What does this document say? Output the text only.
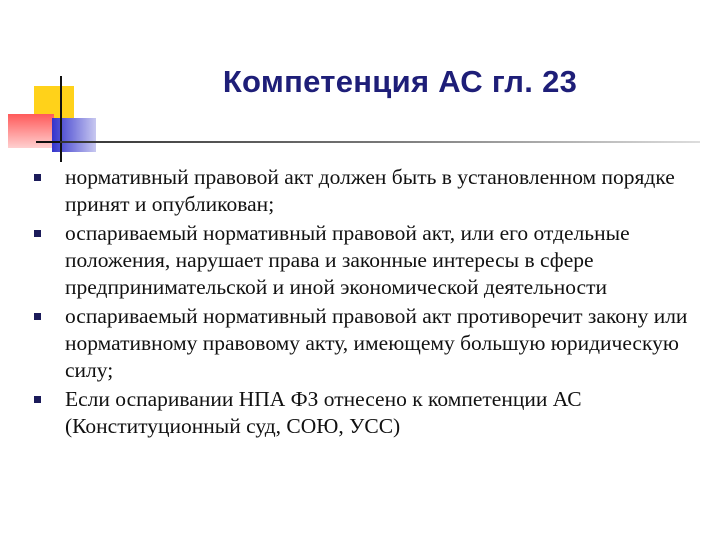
Компетенция АС гл. 23
нормативный правовой акт должен быть в установленном порядке принят и опубликован;
оспариваемый нормативный правовой акт, или его отдельные положения, нарушает права и законные интересы в сфере предпринимательской и иной экономической деятельности
оспариваемый нормативный правовой акт противоречит закону или нормативному правовому акту, имеющему большую юридическую силу;
Если оспаривании НПА ФЗ отнесено к компетенции АС (Конституционный суд, СОЮ, УСС)
